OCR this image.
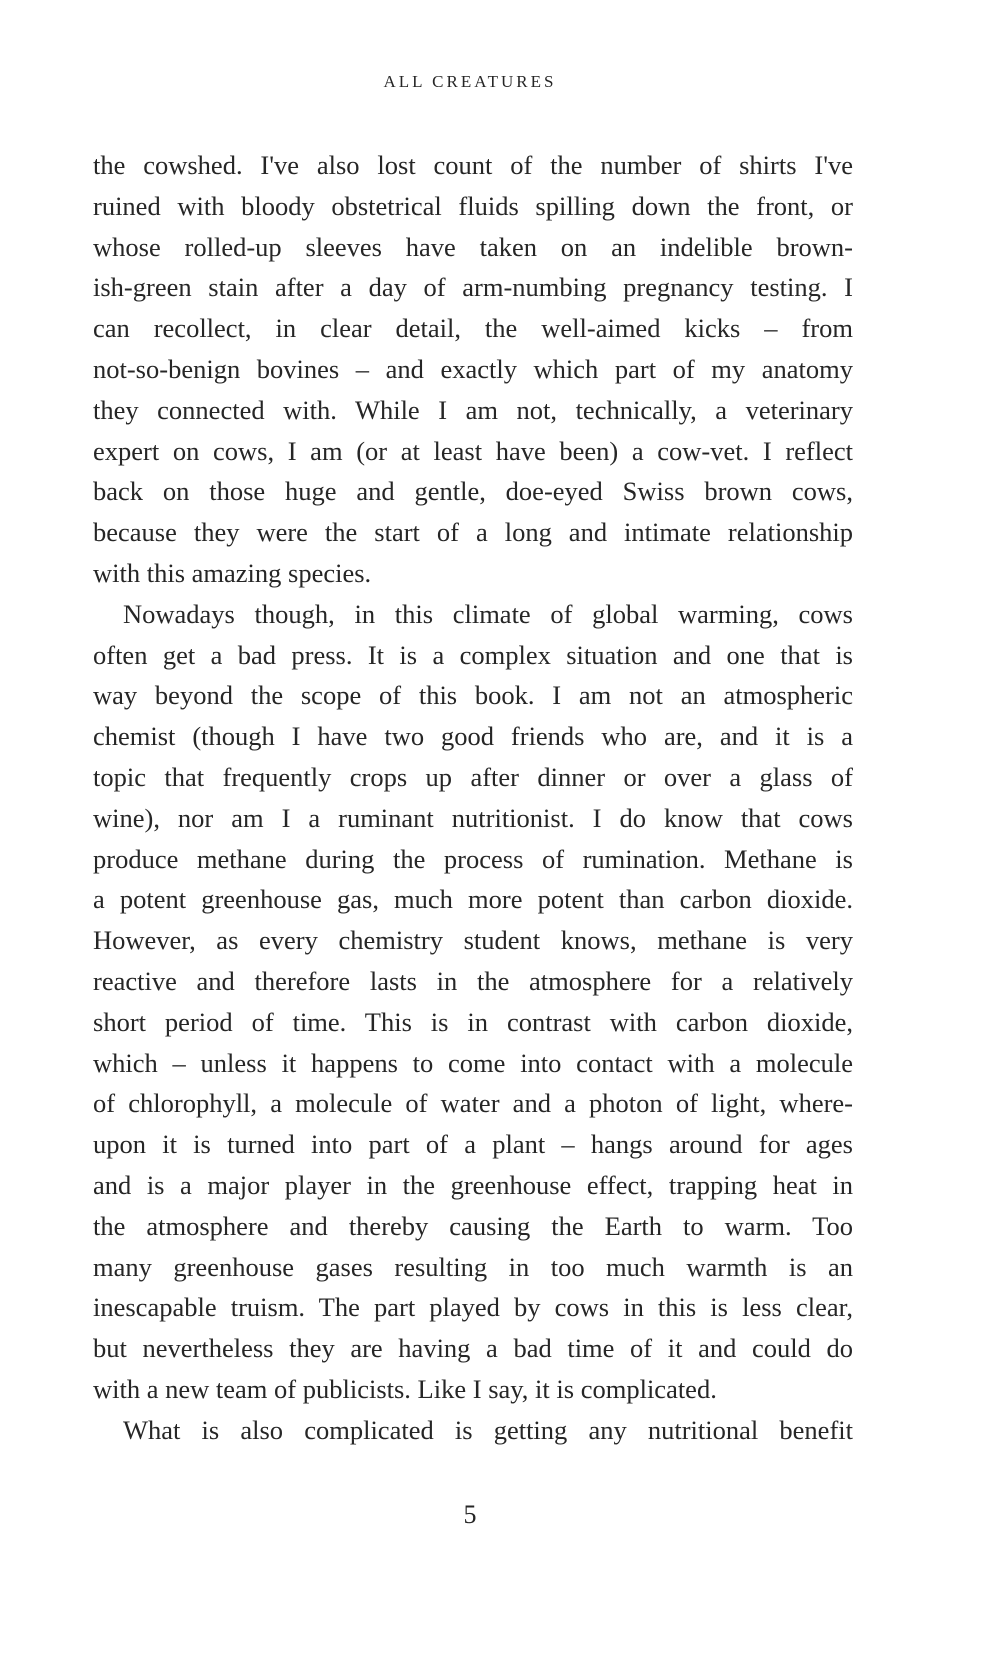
ALL CREATURES
the cowshed. I've also lost count of the number of shirts I've
ruined with bloody obstetrical fluids spilling down the front, or
whose rolled-up sleeves have taken on an indelible brown-
ish-green stain after a day of arm-numbing pregnancy testing. I
can recollect, in clear detail, the well-aimed kicks – from
not-so-benign bovines – and exactly which part of my anatomy
they connected with. While I am not, technically, a veterinary
expert on cows, I am (or at least have been) a cow-vet. I reflect
back on those huge and gentle, doe-eyed Swiss brown cows,
because they were the start of a long and intimate relationship
with this amazing species.
Nowadays though, in this climate of global warming, cows
often get a bad press. It is a complex situation and one that is
way beyond the scope of this book. I am not an atmospheric
chemist (though I have two good friends who are, and it is a
topic that frequently crops up after dinner or over a glass of
wine), nor am I a ruminant nutritionist. I do know that cows
produce methane during the process of rumination. Methane is
a potent greenhouse gas, much more potent than carbon dioxide.
However, as every chemistry student knows, methane is very
reactive and therefore lasts in the atmosphere for a relatively
short period of time. This is in contrast with carbon dioxide,
which – unless it happens to come into contact with a molecule
of chlorophyll, a molecule of water and a photon of light, where-
upon it is turned into part of a plant – hangs around for ages
and is a major player in the greenhouse effect, trapping heat in
the atmosphere and thereby causing the Earth to warm. Too
many greenhouse gases resulting in too much warmth is an
inescapable truism. The part played by cows in this is less clear,
but nevertheless they are having a bad time of it and could do
with a new team of publicists. Like I say, it is complicated.
What is also complicated is getting any nutritional benefit
5
